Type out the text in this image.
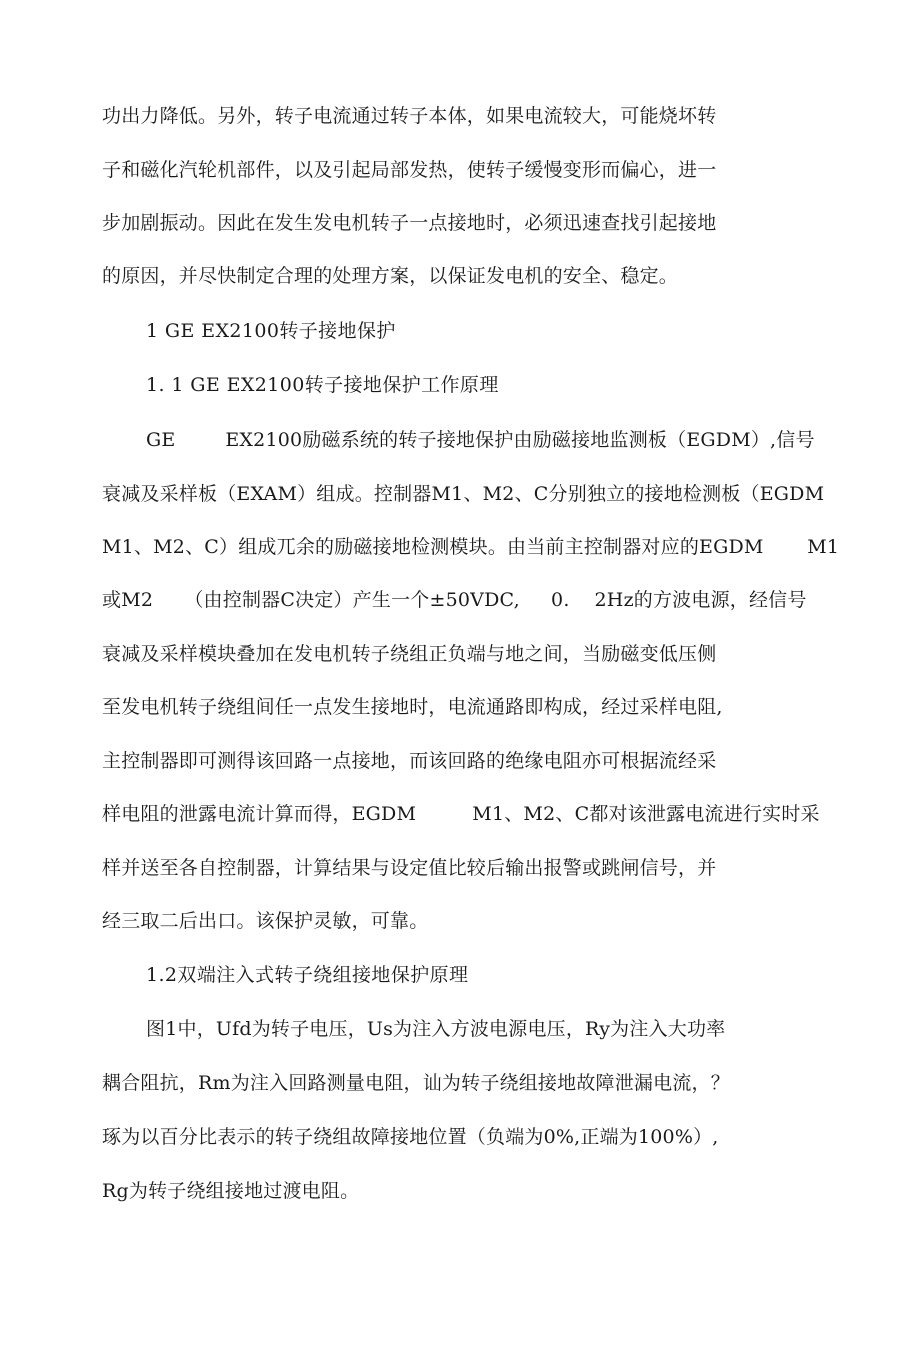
功出力降低。另外，转子电流通过转子本体，如果电流较大，可能烧坏转
子和磁化汽轮机部件，以及引起局部发热，使转子缓慢变形而偏心，进一
步加剧振动。因此在发生发电机转子一点接地时，必须迅速查找引起接地
的原因，并尽快制定合理的处理方案，以保证发电机的安全、稳定。
1 GE EX2100转子接地保护
1. 1 GE EX2100转子接地保护工作原理
GE        EX2100励磁系统的转子接地保护由励磁接地监测板（EGDM）,信号
衰减及采样板（EXAM）组成。控制器M1、M2、C分别独立的接地检测板（EGDM
M1、M2、C）组成兀余的励磁接地检测模块。由当前主控制器对应的EGDM       M1
或M2     （由控制器C决定）产生一个±50VDC,     0.    2Hz的方波电源，经信号
衰减及采样模块叠加在发电机转子绕组正负端与地之间，当励磁变低压侧
至发电机转子绕组间任一点发生接地时，电流通路即构成，经过采样电阻,
主控制器即可测得该回路一点接地，而该回路的绝缘电阻亦可根据流经采
样电阻的泄露电流计算而得，EGDM         M1、M2、C都对该泄露电流进行实时采
样并送至各自控制器，计算结果与设定值比较后输出报警或跳闸信号，并
经三取二后出口。该保护灵敏，可靠。
1.2双端注入式转子绕组接地保护原理
图1中，Ufd为转子电压，Us为注入方波电源电压，Ry为注入大功率
耦合阻抗，Rm为注入回路测量电阻，讪为转子绕组接地故障泄漏电流，？
琢为以百分比表示的转子绕组故障接地位置（负端为0%,正端为100%）,
Rg为转子绕组接地过渡电阻。
